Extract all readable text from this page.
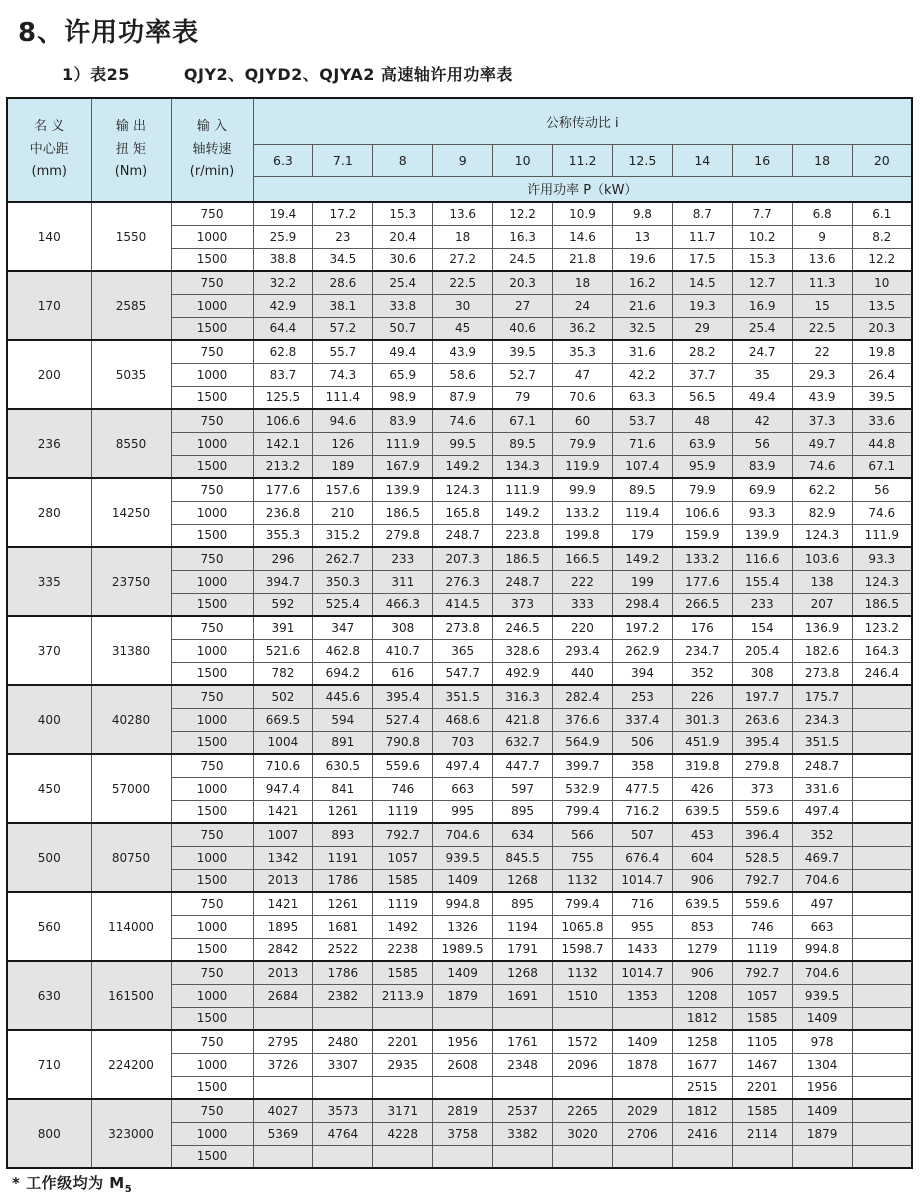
8、许用功率表
1）表25	QJY2、QJYD2、QJYA2 高速轴许用功率表
名 义
中心距
(mm)

输 出
扭 矩
(Nm)

输 入
轴转速
(r/min)
	公称传动比 i
			6.3	7.1	8	9	10	11.2	12.5	14	16	18	20
			许用功率 P（kW）										
140	1550	750	19.4	17.2	15.3	13.6	12.2	10.9	9.8	8.7	7.7	6.8	6.1
		1000	25.9	23	20.4	18	16.3	14.6	13	11.7	10.2	9	8.2
		1500	38.8	34.5	30.6	27.2	24.5	21.8	19.6	17.5	15.3	13.6	12.2
170	2585	750	32.2	28.6	25.4	22.5	20.3	18	16.2	14.5	12.7	11.3	10
		1000	42.9	38.1	33.8	30	27	24	21.6	19.3	16.9	15	13.5
		1500	64.4	57.2	50.7	45	40.6	36.2	32.5	29	25.4	22.5	20.3
200	5035	750	62.8	55.7	49.4	43.9	39.5	35.3	31.6	28.2	24.7	22	19.8
		1000	83.7	74.3	65.9	58.6	52.7	47	42.2	37.7	35	29.3	26.4
		1500	125.5	111.4	98.9	87.9	79	70.6	63.3	56.5	49.4	43.9	39.5
236	8550	750	106.6	94.6	83.9	74.6	67.1	60	53.7	48	42	37.3	33.6
		1000	142.1	126	111.9	99.5	89.5	79.9	71.6	63.9	56	49.7	44.8
		1500	213.2	189	167.9	149.2	134.3	119.9	107.4	95.9	83.9	74.6	67.1
280	14250	750	177.6	157.6	139.9	124.3	111.9	99.9	89.5	79.9	69.9	62.2	56
		1000	236.8	210	186.5	165.8	149.2	133.2	119.4	106.6	93.3	82.9	74.6
		1500	355.3	315.2	279.8	248.7	223.8	199.8	179	159.9	139.9	124.3	111.9
335	23750	750	296	262.7	233	207.3	186.5	166.5	149.2	133.2	116.6	103.6	93.3
		1000	394.7	350.3	311	276.3	248.7	222	199	177.6	155.4	138	124.3
		1500	592	525.4	466.3	414.5	373	333	298.4	266.5	233	207	186.5
370	31380	750	391	347	308	273.8	246.5	220	197.2	176	154	136.9	123.2
		1000	521.6	462.8	410.7	365	328.6	293.4	262.9	234.7	205.4	182.6	164.3
		1500	782	694.2	616	547.7	492.9	440	394	352	308	273.8	246.4
400	40280	750	502	445.6	395.4	351.5	316.3	282.4	253	226	197.7	175.7	
		1000	669.5	594	527.4	468.6	421.8	376.6	337.4	301.3	263.6	234.3	
		1500	1004	891	790.8	703	632.7	564.9	506	451.9	395.4	351.5	
450	57000	750	710.6	630.5	559.6	497.4	447.7	399.7	358	319.8	279.8	248.7	
		1000	947.4	841	746	663	597	532.9	477.5	426	373	331.6	
		1500	1421	1261	1119	995	895	799.4	716.2	639.5	559.6	497.4	
500	80750	750	1007	893	792.7	704.6	634	566	507	453	396.4	352	
		1000	1342	1191	1057	939.5	845.5	755	676.4	604	528.5	469.7	
		1500	2013	1786	1585	1409	1268	1132	1014.7	906	792.7	704.6	
560	114000	750	1421	1261	1119	994.8	895	799.4	716	639.5	559.6	497	
		1000	1895	1681	1492	1326	1194	1065.8	955	853	746	663	
		1500	2842	2522	2238	1989.5	1791	1598.7	1433	1279	1119	994.8	
630	161500	750	2013	1786	1585	1409	1268	1132	1014.7	906	792.7	704.6	
		1000	2684	2382	2113.9	1879	1691	1510	1353	1208	1057	939.5	
		1500								1812	1585	1409	
710	224200	750	2795	2480	2201	1956	1761	1572	1409	1258	1105	978	
		1000	3726	3307	2935	2608	2348	2096	1878	1677	1467	1304	
		1500								2515	2201	1956	
800	323000	750	4027	3573	3171	2819	2537	2265	2029	1812	1585	1409	
		1000	5369	4764	4228	3758	3382	3020	2706	2416	2114	1879	
		1500											
* 工作级均为 $M_5$
